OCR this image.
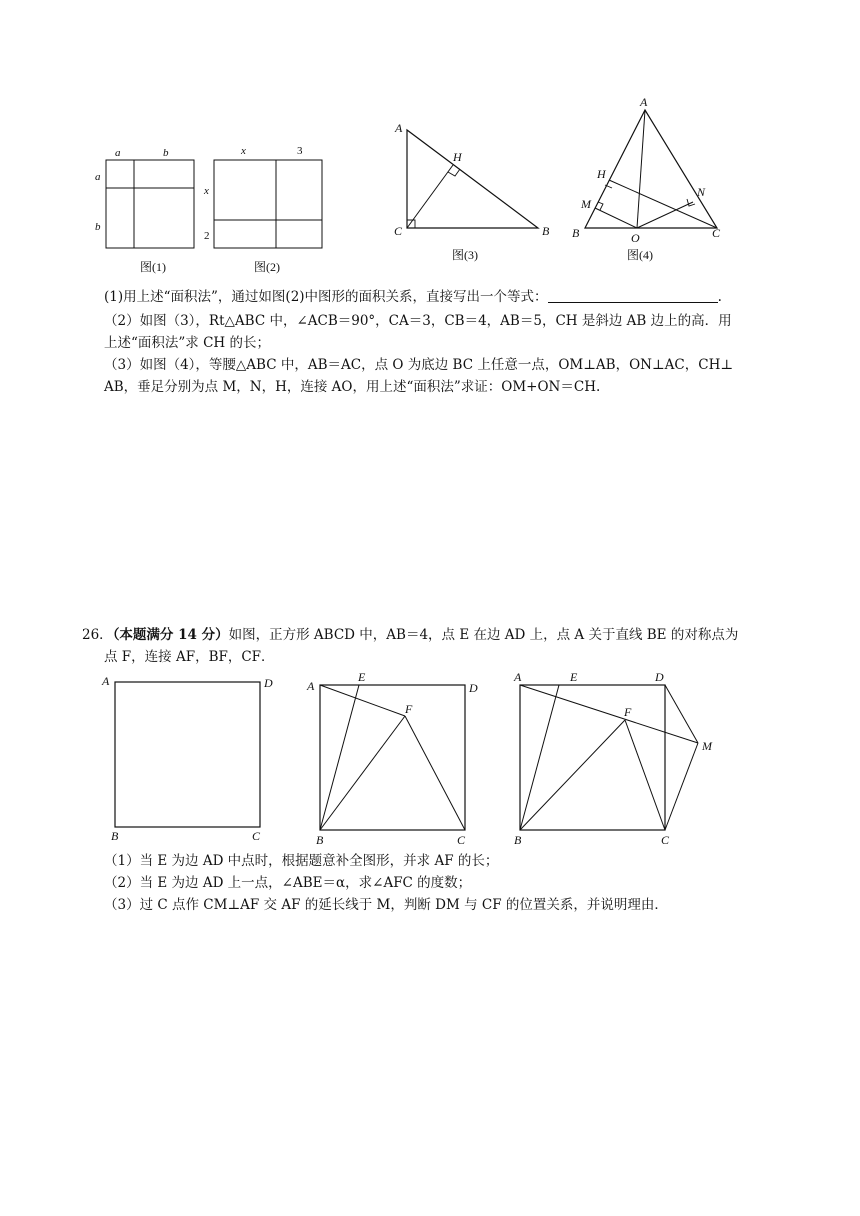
a	b
a
b
图(1)
x	3
x
2
图(2)
A
H
C	B
图(3)
A
H
M
N
B	O	C
图(4)
(1)用上述“面积法”，通过如图(2)中图形的面积关系，直接写出一个等式：	.
（2）如图（3），Rt△ABC 中，∠ACB＝90°，CA＝3，CB＝4，AB＝5，CH 是斜边 AB 边上的高．用
上述“面积法”求 CH 的长；
（3）如图（4），等腰△ABC 中，AB＝AC，点 O 为底边 BC 上任意一点，OM⊥AB，ON⊥AC，CH⊥
AB，垂足分别为点 M，N，H，连接 AO，用上述“面积法”求证：OM+ON＝CH.
26．（本题满分 14 分）如图，正方形 ABCD 中，AB＝4，点 E 在边 AD 上，点 A 关于直线 BE 的对称点为
点 F，连接 AF，BF，CF．
A	D
B	C
A
E
D
F
B	C
A	E	D
F
M
B	C
（1）当 E 为边 AD 中点时，根据题意补全图形，并求 AF 的长；
（2）当 E 为边 AD 上一点，∠ABE＝α，求∠AFC 的度数；
（3）过 C 点作 CM⊥AF 交 AF 的延长线于 M，判断 DM 与 CF 的位置关系，并说明理由．
